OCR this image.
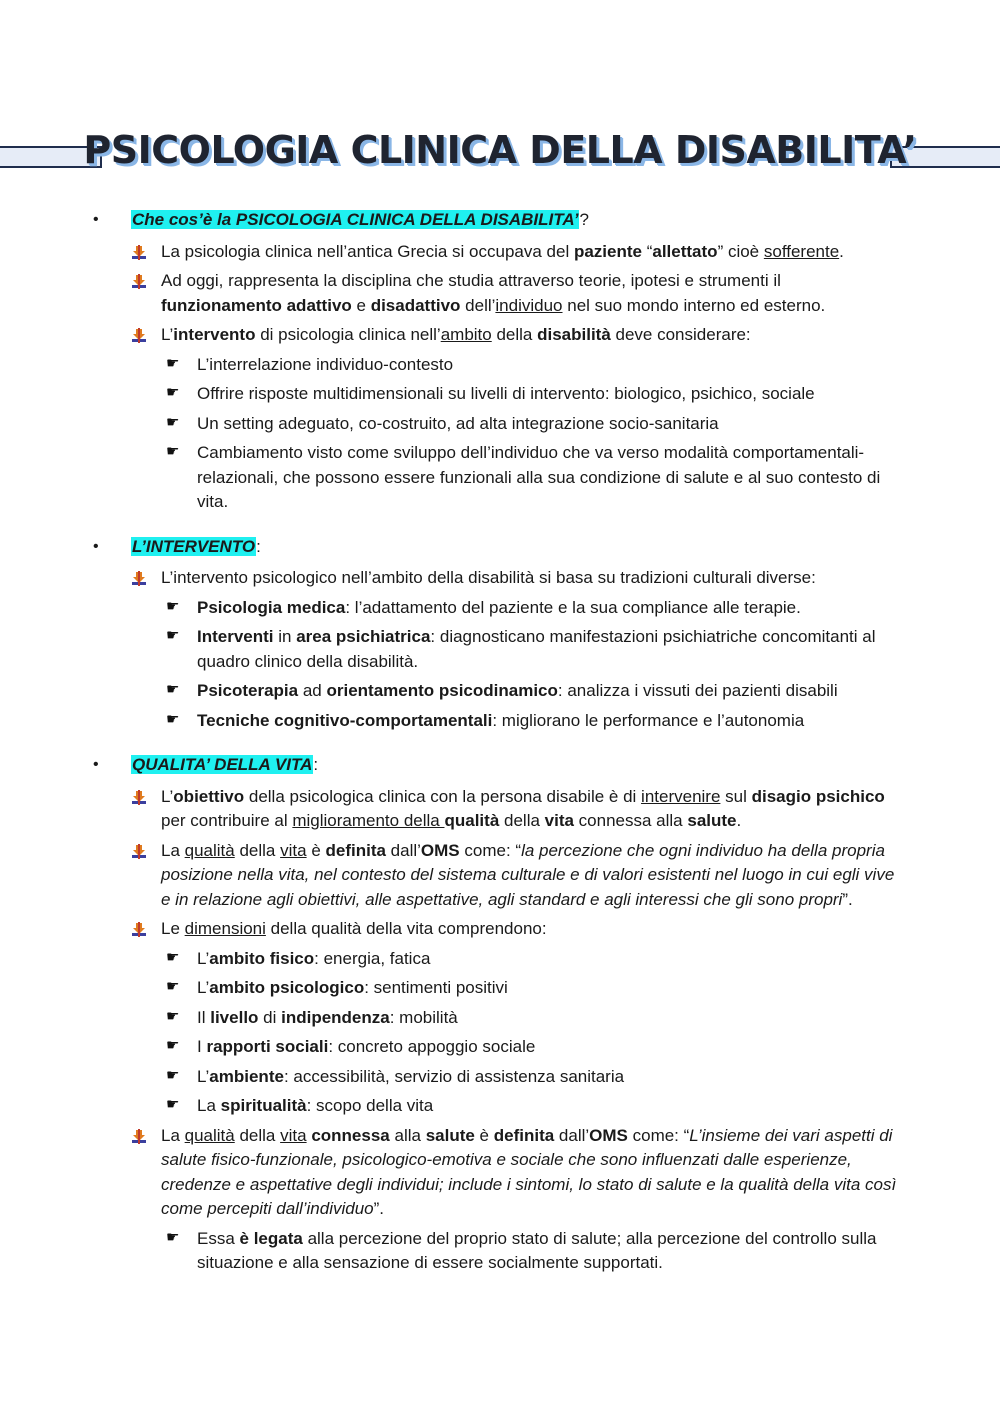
PSICOLOGIA CLINICA DELLA DISABILITA’
• Che cos’è la PSICOLOGIA CLINICA DELLA DISABILITA’?
La psicologia clinica nell’antica Grecia si occupava del paziente “allettato” cioè sofferente.
Ad oggi, rappresenta la disciplina che studia attraverso teorie, ipotesi e strumenti il funzionamento adattivo e disadattivo dell’individuo nel suo mondo interno ed esterno.
L’intervento di psicologia clinica nell’ambito della disabilità deve considerare:
☛ L’interrelazione individuo-contesto
☛ Offrire risposte multidimensionali su livelli di intervento: biologico, psichico, sociale
☛ Un setting adeguato, co-costruito, ad alta integrazione socio-sanitaria
☛ Cambiamento visto come sviluppo dell’individuo che va verso modalità comportamentali-relazionali, che possono essere funzionali alla sua condizione di salute e al suo contesto di vita.
• L’INTERVENTO:
L’intervento psicologico nell’ambito della disabilità si basa su tradizioni culturali diverse:
☛ Psicologia medica: l’adattamento del paziente e la sua compliance alle terapie.
☛ Interventi in area psichiatrica: diagnosticano manifestazioni psichiatriche concomitanti al quadro clinico della disabilità.
☛ Psicoterapia ad orientamento psicodinamico: analizza i vissuti dei pazienti disabili
☛ Tecniche cognitivo-comportamentali: migliorano le performance e l’autonomia
• QUALITA’ DELLA VITA:
L’obiettivo della psicologica clinica con la persona disabile è di intervenire sul disagio psichico per contribuire al miglioramento della qualità della vita connessa alla salute.
La qualità della vita è definita dall’OMS come: “la percezione che ogni individuo ha della propria posizione nella vita, nel contesto del sistema culturale e di valori esistenti nel luogo in cui egli vive e in relazione agli obiettivi, alle aspettative, agli standard e agli interessi che gli sono propri”.
Le dimensioni della qualità della vita comprendono:
☛ L’ambito fisico: energia, fatica
☛ L’ambito psicologico: sentimenti positivi
☛ Il livello di indipendenza: mobilità
☛ I rapporti sociali: concreto appoggio sociale
☛ L’ambiente: accessibilità, servizio di assistenza sanitaria
☛ La spiritualità: scopo della vita
La qualità della vita connessa alla salute è definita dall’OMS come: “L’insieme dei vari aspetti di salute fisico-funzionale, psicologico-emotiva e sociale che sono influenzati dalle esperienze, credenze e aspettative degli individui; include i sintomi, lo stato di salute e la qualità della vita così come percepiti dall’individuo”.
☛ Essa è legata alla percezione del proprio stato di salute; alla percezione del controllo sulla situazione e alla sensazione di essere socialmente supportati.
